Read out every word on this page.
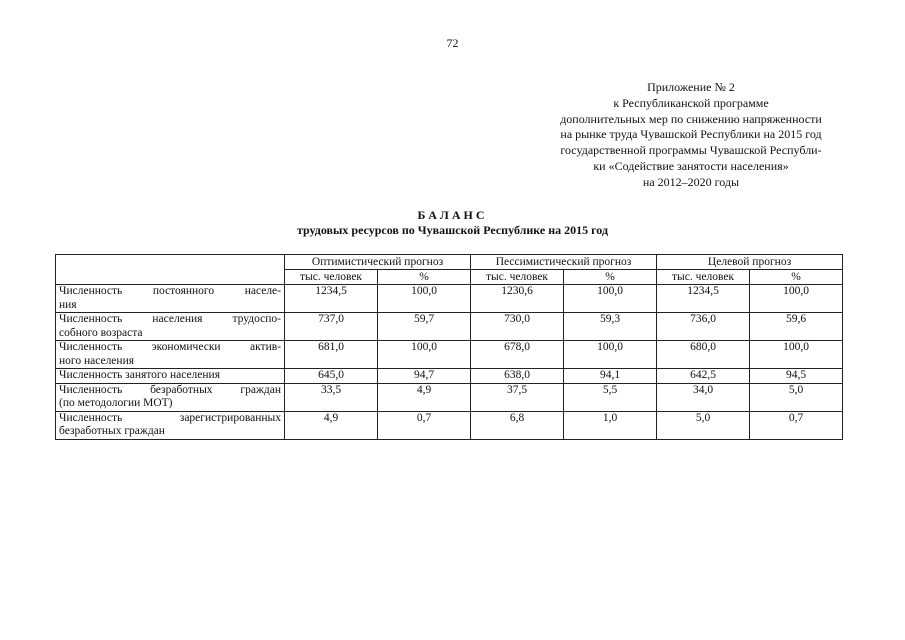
72
Приложение № 2
к Республиканской программе
дополнительных мер по снижению напряженности
на рынке труда Чувашской Республики на 2015 год
государственной программы Чувашской Республи-
ки «Содействие занятости населения»
на 2012–2020 годы
БАЛАНС
трудовых ресурсов по Чувашской Республике на 2015 год
	Оптимистический прогноз		Пессимистический прогноз		Целевой прогноз	
	тыс. человек	%	тыс. человек	%	тыс. человек	%

Численность постоянного населе-
ния	1234,5	100,0	1230,6	100,0	1234,5	100,0

Численность населения трудоспо-
собного возраста	737,0	59,7	730,0	59,3	736,0	59,6

Численность экономически актив-
ного населения	681,0	100,0	678,0	100,0	680,0	100,0
Численность занятого населения	645,0	94,7	638,0	94,1	642,5	94,5

Численность безработных граждан
(по методологии МОТ)	33,5	4,9	37,5	5,5	34,0	5,0

Численность зарегистрированных
безработных граждан	4,9	0,7	6,8	1,0	5,0	0,7
